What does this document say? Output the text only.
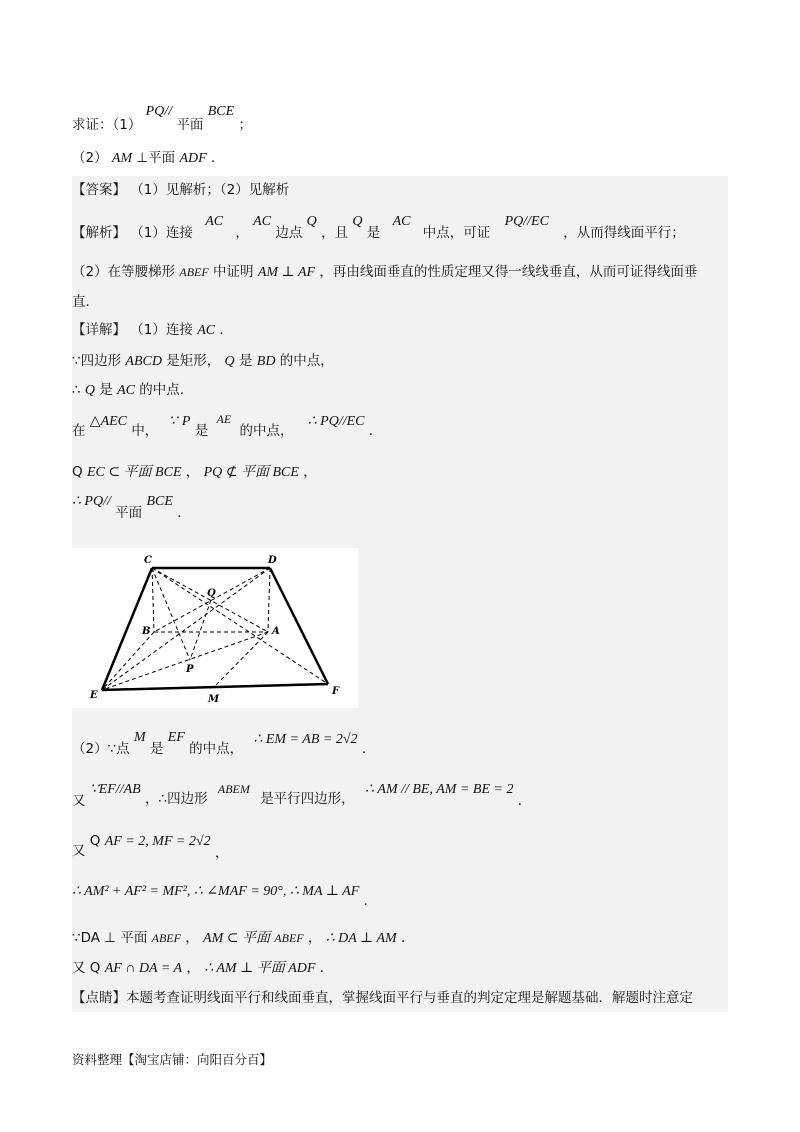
求证：（1） PQ// 平面 BCE ；
（2） AM ⊥平面 ADF ．
【答案】 （1）见解析；（2）见解析
【解析】 （1）连接 AC ， AC 边点 Q ，且 Q 是 AC 中点，可证 PQ//EC ，从而得线面平行；
（2）在等腰梯形 ABEF 中证明 AM ⊥ AF ，再由线面垂直的性质定理又得一线线垂直，从而可证得线面垂
直．
【详解】 （1）连接 AC ．
∵四边形 ABCD 是矩形， Q 是 BD 的中点，
∴ Q 是 AC 的中点.
在 △AEC 中， ∵ P 是 AE 的中点， ∴ PQ//EC ．
Q EC ⊂ 平面 BCE ， PQ ⊄ 平面 BCE ，
∴ PQ// 平面 BCE ．
C	D
Q
B	A
P
E	M
F
（2）∵点 M 是 EF 的中点， ∴ EM = AB = 2√2 ．
又 ∵EF//AB ，∴四边形 ABEM 是平行四边形， ∴ AM // BE, AM = BE = 2 ．
又 Q AF = 2, MF = 2√2 ，
∴ AM² + AF² = MF², ∴ ∠MAF = 90°, ∴ MA ⊥ AF ．
∵DA ⊥ 平面 ABEF ， AM ⊂ 平面 ABEF ， ∴ DA ⊥ AM ．
又 Q AF ∩ DA = A ， ∴ AM ⊥ 平面 ADF ．
【点睛】本题考查证明线面平行和线面垂直，掌握线面平行与垂直的判定定理是解题基础．解题时注意定
资料整理【淘宝店铺：向阳百分百】
